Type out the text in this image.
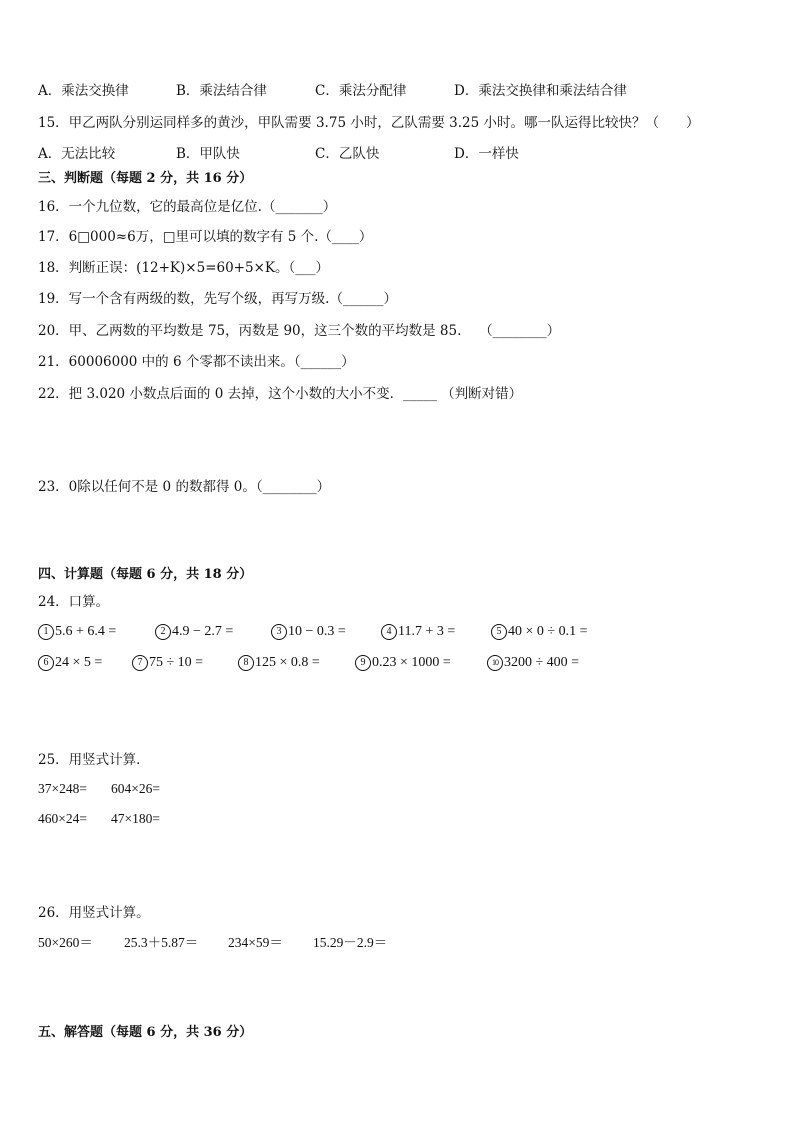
A．乘法交换律	B．乘法结合律	C．乘法分配律	D．乘法交换律和乘法结合律
15．甲乙两队分别运同样多的黄沙，甲队需要 3.75 小时，乙队需要 3.25 小时。哪一队运得比较快？（　　）
A．无法比较	B．甲队快	C．乙队快	D．一样快
三、判断题（每题 2 分，共 16 分）
16．一个九位数，它的最高位是亿位.（_______）
17．6□000≈6万，□里可以填的数字有 5 个.（____）
18．判断正误：(12+K)×5=60+5×K。（___）
19．写一个含有两级的数，先写个级，再写万级.（______）
20．甲、乙两数的平均数是 75，丙数是 90，这三个数的平均数是 85.　 （________）
21．60006000 中的 6 个零都不读出来。（______）
22．把 3.020 小数点后面的 0 去掉，这个小数的大小不变．_____ （判断对错）
23．0除以任何不是 0 的数都得 0。（________）
四、计算题（每题 6 分，共 18 分）
24．口算。
1 5.6 + 6.4 =	2 4.9 − 2.7 =	3 10 − 0.3 =	4 11.7 + 3 =	5 40 × 0 ÷ 0.1 =
6 24 × 5 =	7 75 ÷ 10 =	8 125 × 0.8 =	9 0.23 × 1000 =	10 3200 ÷ 400 =
25．用竖式计算．
37×248= 604×26=
460×24= 47×180=
26．用竖式计算。
50×260＝ 25.3＋5.87＝ 234×59＝ 15.29－2.9＝
五、解答题（每题 6 分，共 36 分）
